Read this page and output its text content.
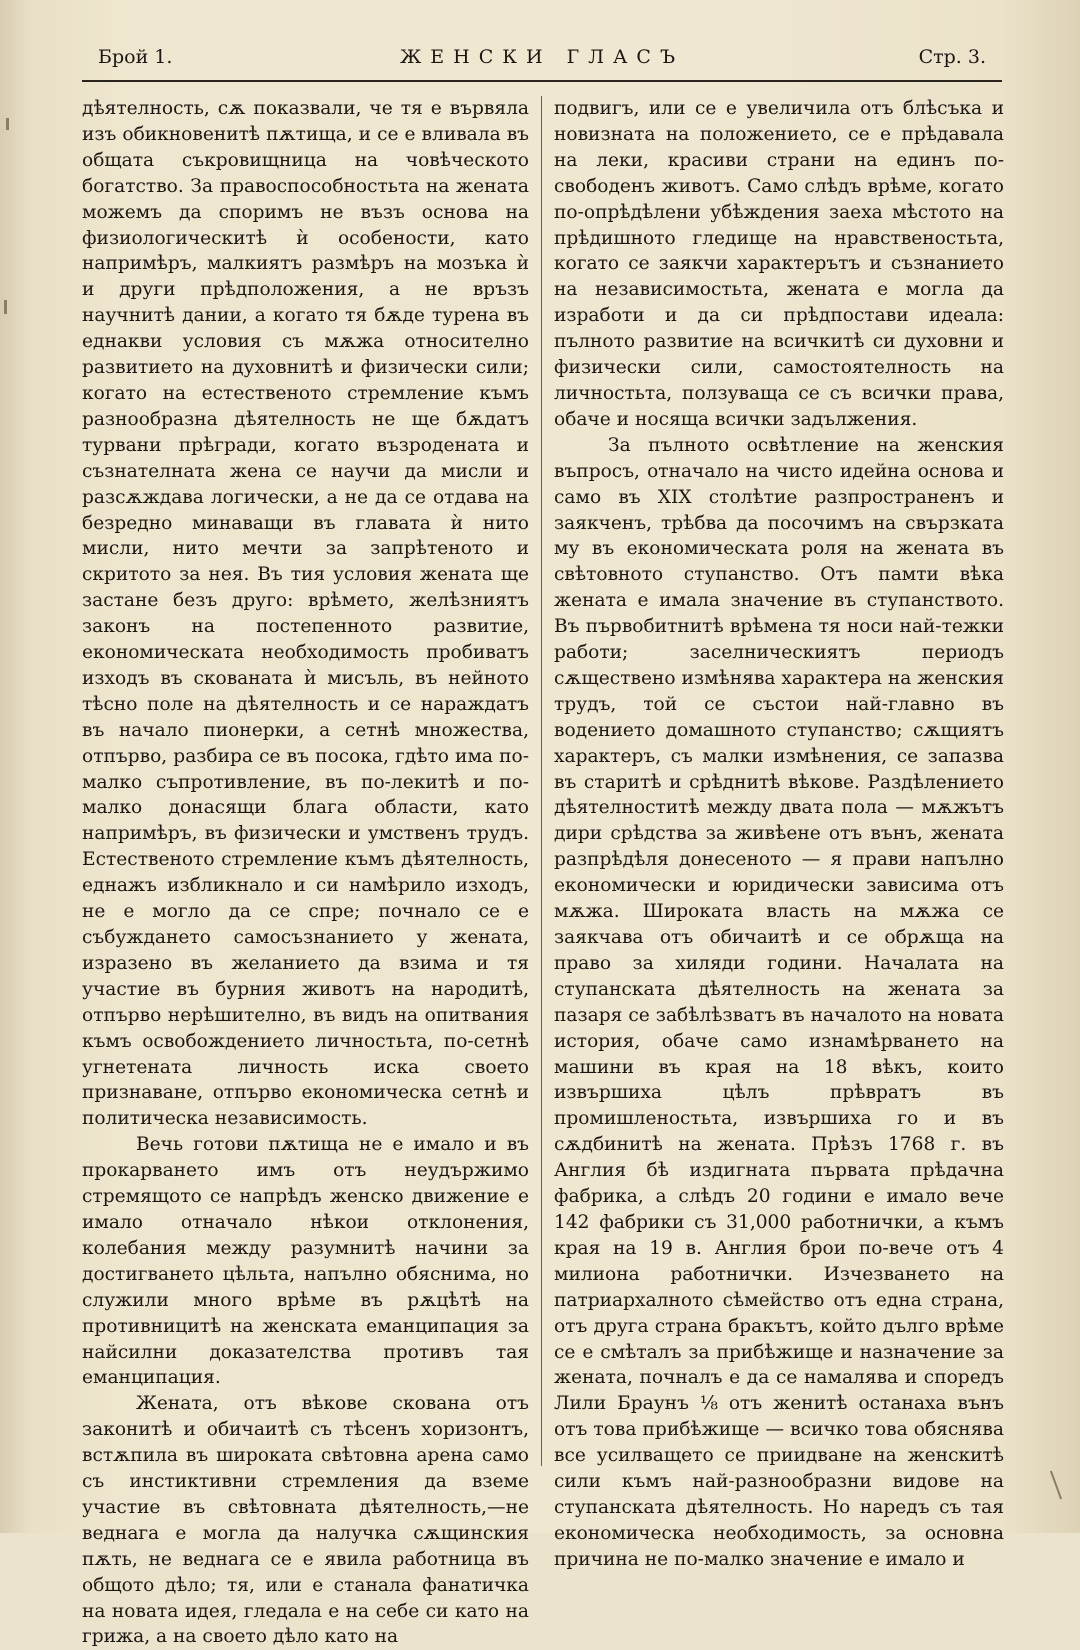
Брой 1.	ЖЕНСКИ ГЛАСЪ	Стр. 3.

дѣятелность, сѫ показвали, че тя е вървяла изъ обикновенитѣ пѫтища, и се е вливала въ общата съкровищница на човѣческото богатство. За правоспособностьта на жената можемъ да споримъ не възъ основа на физиологическитѣ ѝ особености, като напримѣръ, малкиятъ размѣръ на мозъка ѝ и други прѣдположения, а не връзъ научнитѣ дании, а когато тя бѫде турена въ еднакви условия съ мѫжа относително развитието на духовнитѣ и физически сили; когато на естественото стремление къмъ разнообразна дѣятелность не ще бѫдатъ турвани прѣгради, когато възродената и съзнателната жена се научи да мисли и разсѫждава логически, а не да се отдава на безредно минаващи въ главата ѝ нито мисли, нито мечти за запрѣтеното и скритото за нея. Въ тия условия жената ще застане безъ друго: врѣмето, желѣзниятъ законъ на постепенното развитие, економическата необходимость пробиватъ изходъ въ скованата ѝ мисъль, въ нейното тѣсно поле на дѣятелность и се нараждатъ въ начало пионерки, а сетнѣ множества, отпърво, разбира се въ посока, гдѣто има по-малко съпротивление, въ по-лекитѣ и по-малко донасящи блага области, като напримѣръ, въ физически и умственъ трудъ. Естественото стремление къмъ дѣятелность, еднажъ избликнало и си намѣрило изходъ, не е могло да се спре; почнало се е събуждането самосъзнанието у жената, изразено въ желанието да взима и тя участие въ бурния животъ на народитѣ, отпърво нерѣшително, въ видъ на опитвания къмъ освобождението личностьта, по-сетнѣ угнетената личность иска своето признаване, отпърво економическа сетнѣ и политическа независимость.

Вечь готови пѫтища не е имало и въ прокарването имъ отъ неудържимо стремящото се напрѣдъ женско движение е имало отначало нѣкои отклонения, колебания между разумнитѣ начини за достигването цѣльта, напълно обяснима, но служили много врѣме въ рѫцѣтѣ на противницитѣ на женската еманципация за найсилни доказателства противъ тая еманципация.

Жената, отъ вѣкове скована отъ законитѣ и обичаитѣ съ тѣсенъ хоризонтъ, встѫпила въ широката свѣтовна арена само съ инстиктивни стремления да вземе участие въ свѣтовната дѣятелность,—не веднага е могла да налучка сѫщинския пѫть, не веднага се е явила работница въ общото дѣло; тя, или е станала фанатичка на новата идея, гледала е на себе си като на грижа, а на своето дѣло като на

подвигъ, или се е увеличила отъ блѣсъка и новизната на положението, се е прѣдавала на леки, красиви страни на единъ по-свободенъ животъ. Само слѣдъ врѣме, когато по-опрѣдѣлени убѣждения заеха мѣстото на прѣдишното гледище на нравственостьта, когато се заякчи характерътъ и съзнанието на независимостьта, жената е могла да изработи и да си прѣдпостави идеала: пълното развитие на всичкитѣ си духовни и физически сили, самостоятелность на личностьта, ползуваща се съ всички права, обаче и носяща всички задължения.

За пълното освѣтление на женския въпросъ, отначало на чисто идейна основа и само въ XIX столѣтие разпространенъ и заякченъ, трѣбва да посочимъ на свързката му въ економическата роля на жената въ свѣтовното ступанство. Отъ памти вѣка жената е имала значение въ ступанството. Въ първобитнитѣ врѣмена тя носи най-тежки работи; заселническиятъ периодъ сѫществено измѣнява характера на женския трудъ, той се състои най-главно въ водението домашното ступанство; сѫщиятъ характеръ, съ малки измѣнения, се запазва въ старитѣ и срѣднитѣ вѣкове. Раздѣлението дѣятелноститѣ между двата пола — мѫжътъ дири срѣдства за живѣене отъ вънъ, жената разпрѣдѣля донесеното — я прави напълно економически и юридически зависима отъ мѫжа. Широката власть на мѫжа се заякчава отъ обичаитѣ и се обрѫща на право за хиляди години. Началата на ступанската дѣятелность на жената за пазаря се забѣлѣзватъ въ началото на новата история, обаче само изнамѣрването на машини въ края на 18 вѣкъ, които извършиха цѣлъ прѣвратъ въ промишленостьта, извършиха го и въ сѫдбинитѣ на жената. Прѣзъ 1768 г. въ Англия бѣ издигната първата прѣдачна фабрика, а слѣдъ 20 години е имало вече 142 фабрики съ 31,000 работнички, а къмъ края на 19 в. Англия брои по-вече отъ 4 милиона работнички. Изчезването на патриархалното сѣмейство отъ една страна, отъ друга страна бракътъ, който дълго врѣме се е смѣталъ за прибѣжище и назначение за жената, почналъ е да се намалява и споредъ Лили Браунъ ⅛ отъ женитѣ останаха вънъ отъ това прибѣжище — всичко това обяснява все усилващето се приидване на женскитѣ сили къмъ най-разнообразни видове на ступанската дѣятелность. Но наредъ съ тая економическа необходимость, за основна причина не по-малко значение е имало и
